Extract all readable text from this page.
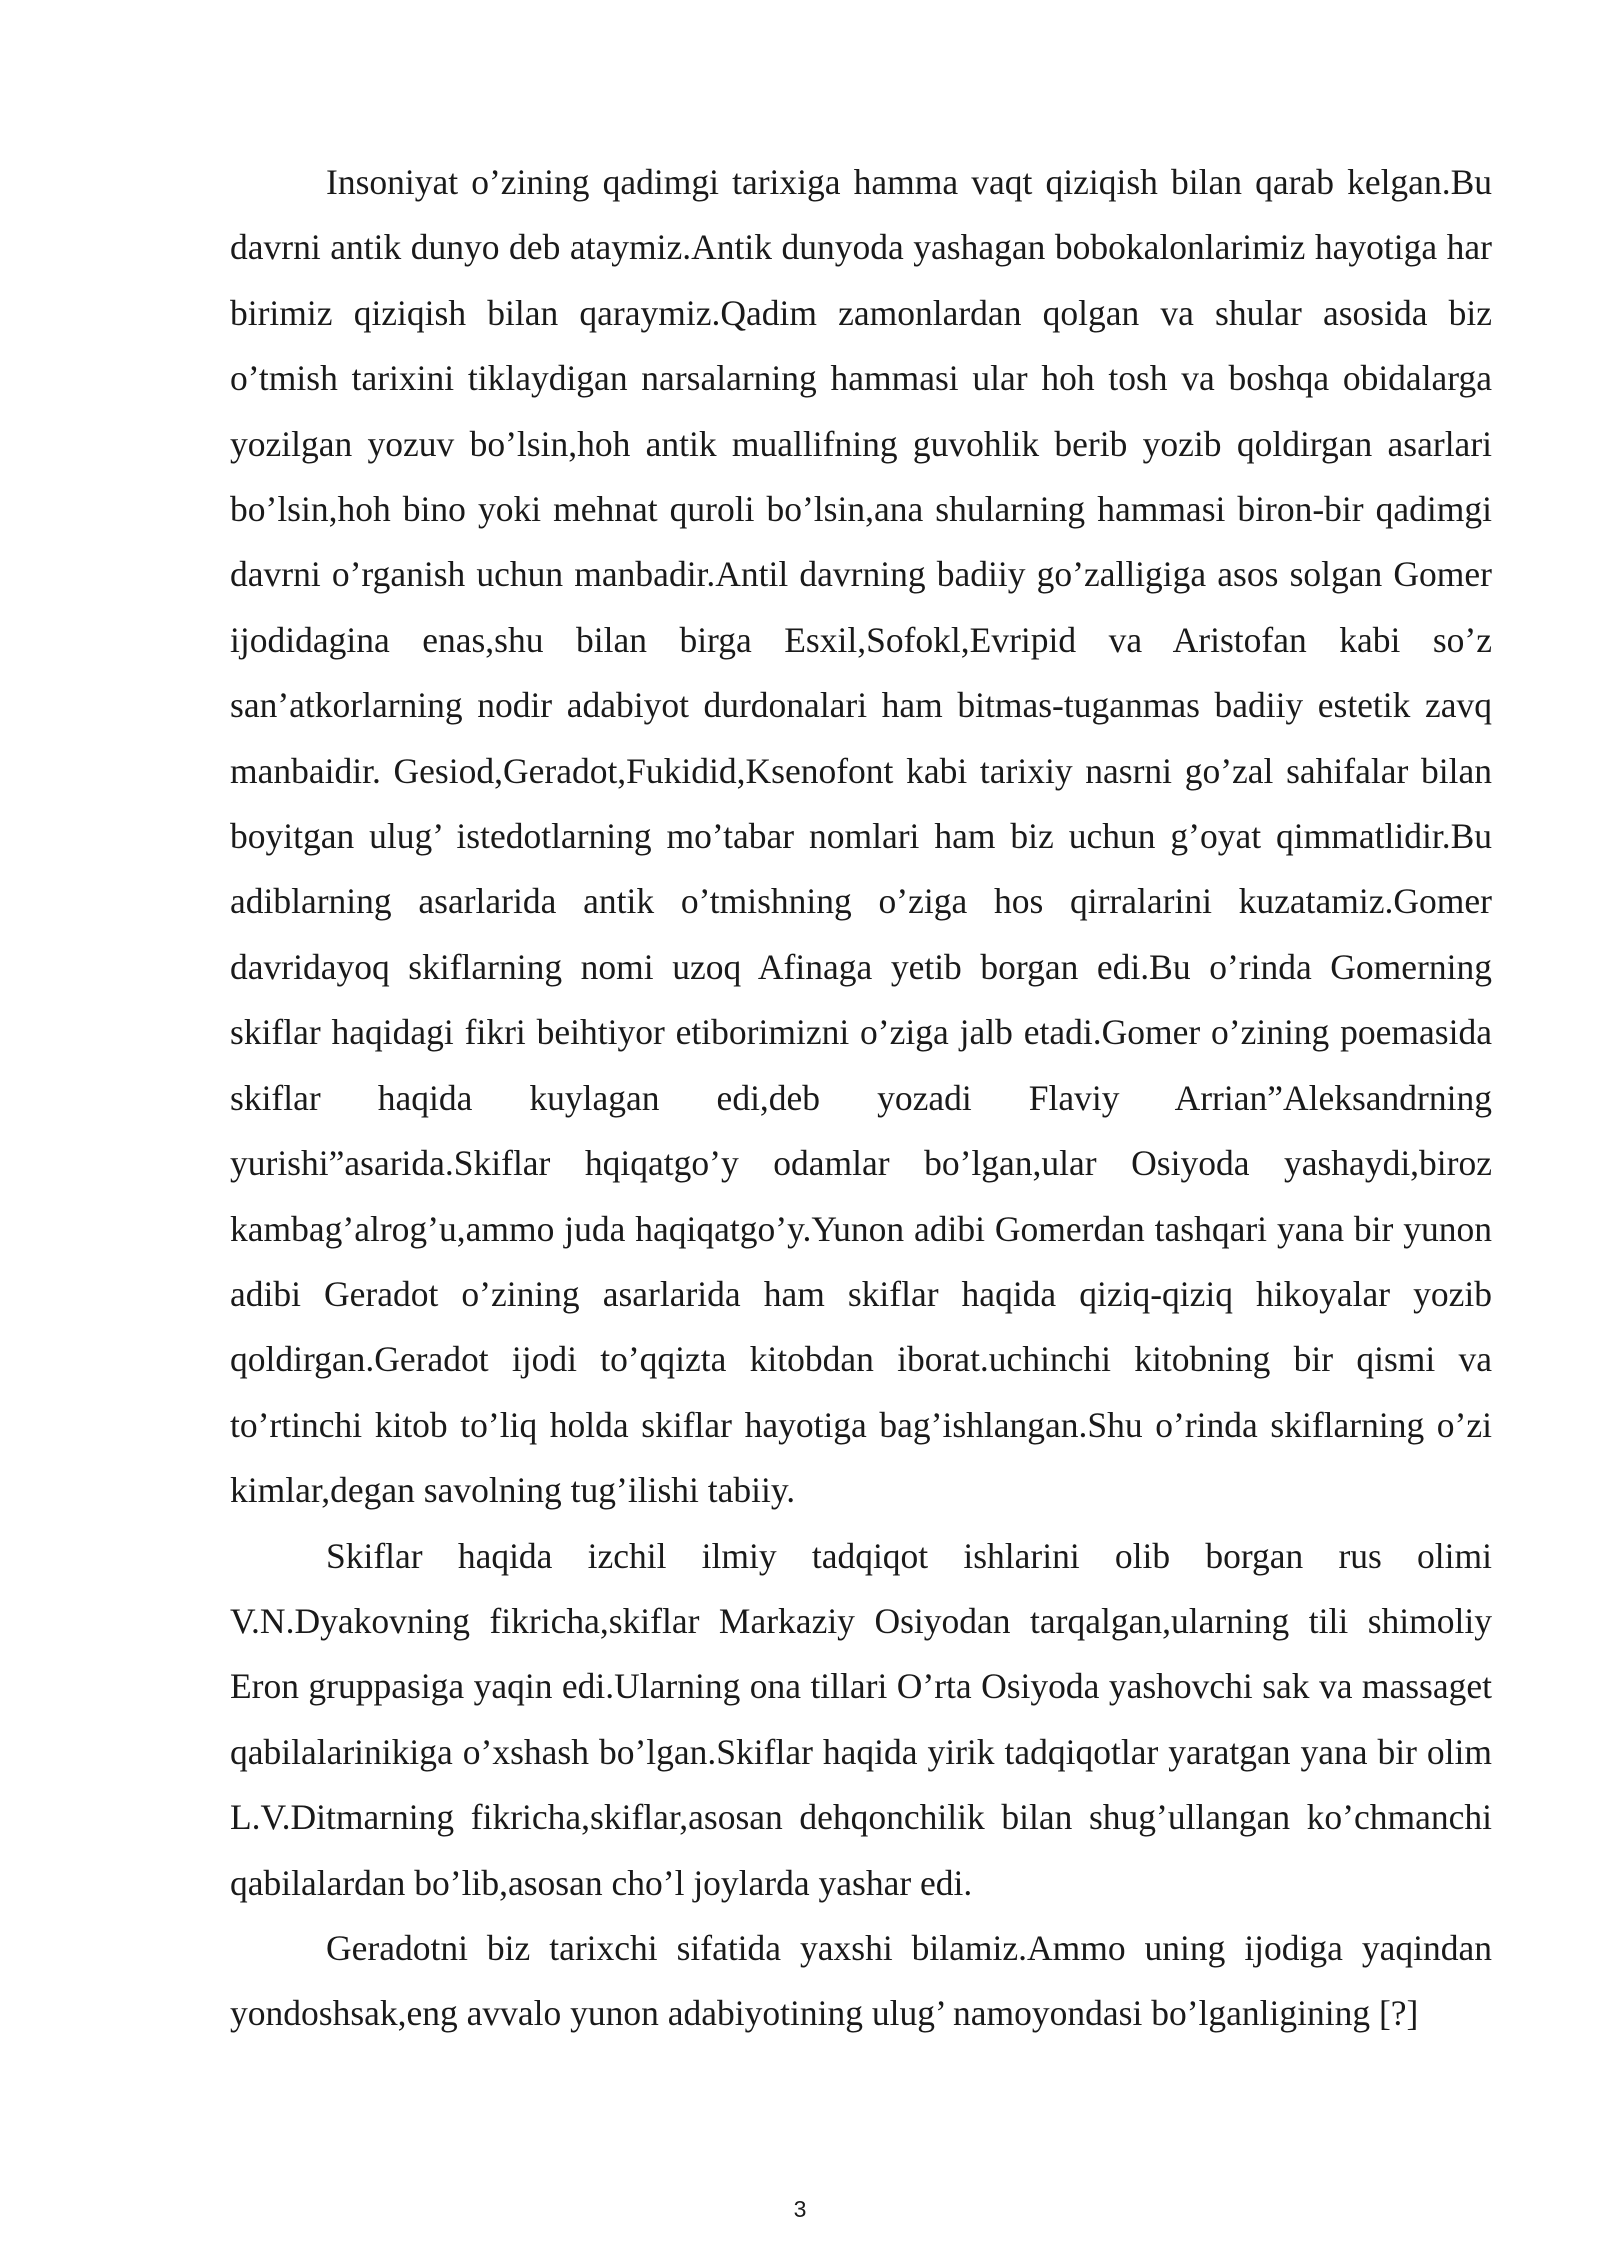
Insoniyat o’zining qadimgi tarixiga hamma vaqt qiziqish bilan qarab kelgan.Bu davrni antik dunyo deb ataymiz.Antik dunyoda yashagan bobokalonlarimiz hayotiga har birimiz qiziqish bilan qaraymiz.Qadim zamonlardan qolgan va shular asosida biz o’tmish tarixini tiklaydigan narsalarning hammasi ular hoh tosh va boshqa obidalarga yozilgan yozuv bo’lsin,hoh antik muallifning guvohlik berib yozib qoldirgan asarlari bo’lsin,hoh bino yoki mehnat quroli bo’lsin,ana shularning hammasi biron-bir qadimgi davrni o’rganish uchun manbadir.Antil davrning badiiy go’zalligiga asos solgan Gomer ijodidagina enas,shu bilan birga Esxil,Sofokl,Evripid va Aristofan kabi so’z san’atkorlarning nodir adabiyot durdonalari ham bitmas-tuganmas badiiy estetik zavq manbaidir. Gesiod,Geradot,Fukidid,Ksenofont kabi tarixiy nasrni go’zal sahifalar bilan boyitgan ulug’ istedotlarning mo’tabar nomlari ham biz uchun g’oyat qimmatlidir.Bu adiblarning asarlarida antik o’tmishning o’ziga hos qirralarini kuzatamiz.Gomer davridayoq skiflarning nomi uzoq Afinaga yetib borgan edi.Bu o’rinda Gomerning skiflar haqidagi fikri beihtiyor etiborimizni o’ziga jalb etadi.Gomer o’zining poemasida skiflar haqida kuylagan edi,deb yozadi Flaviy Arrian”Aleksandrning yurishi”asarida.Skiflar hqiqatgo’y odamlar bo’lgan,ular Osiyoda yashaydi,biroz kambag’alrog’u,ammo juda haqiqatgo’y.Yunon adibi Gomerdan tashqari yana bir yunon adibi Geradot o’zining asarlarida ham skiflar haqida qiziq-qiziq hikoyalar yozib qoldirgan.Geradot ijodi to’qqizta kitobdan iborat.uchinchi kitobning bir qismi va to’rtinchi kitob to’liq holda skiflar hayotiga bag’ishlangan.Shu o’rinda skiflarning o’zi kimlar,degan savolning tug’ilishi tabiiy.

Skiflar haqida izchil ilmiy tadqiqot ishlarini olib borgan rus olimi V.N.Dyakovning fikricha,skiflar Markaziy Osiyodan tarqalgan,ularning tili shimoliy Eron gruppasiga yaqin edi.Ularning ona tillari O’rta Osiyoda yashovchi sak va massaget qabilalarinikiga o’xshash bo’lgan.Skiflar haqida yirik tadqiqotlar yaratgan yana bir olim L.V.Ditmarning fikricha,skiflar,asosan dehqonchilik bilan shug’ullangan ko’chmanchi qabilalardan bo’lib,asosan cho’l joylarda yashar edi.

Geradotni biz tarixchi sifatida yaxshi bilamiz.Ammo uning ijodiga yaqindan yondoshsak,eng avvalo yunon adabiyotining ulug’ namoyondasi bo’lganligining [?]

3
